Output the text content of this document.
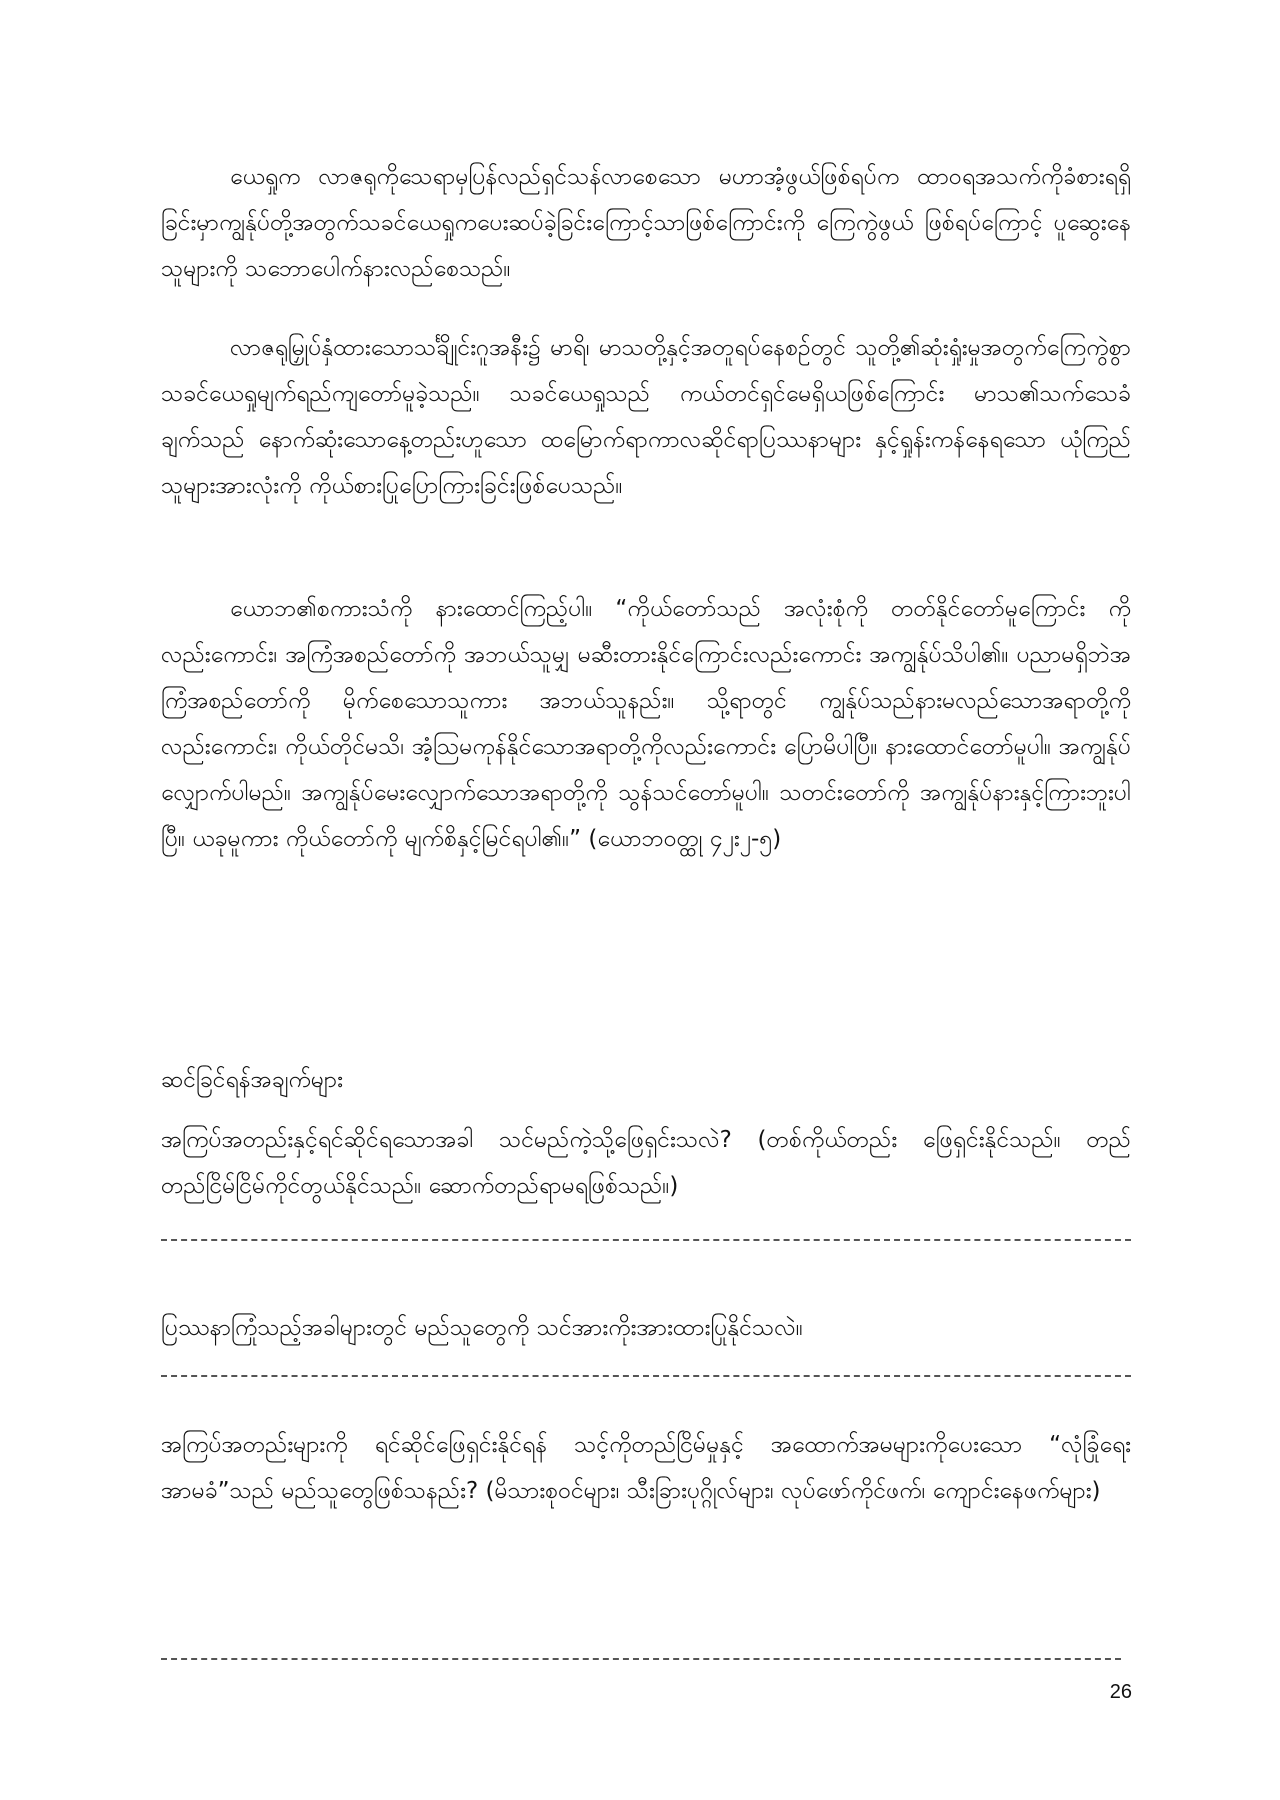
ယေရှုက လာဇရုကိုသေရာမှပြန်လည်ရှင်သန်လာစေသော မဟာအံ့ဖွယ်ဖြစ်ရပ်က ထာဝရအသက်ကိုခံစားရရှိခြင်းမှာကျွန်ုပ်တို့အတွက်သခင်ယေရှုကပေးဆပ်ခဲ့ခြင်းကြောင့်သာဖြစ်ကြောင်းကို ကြေကွဲဖွယ် ဖြစ်ရပ်ကြောင့် ပူဆွေးနေသူများကို သဘောပေါက်နားလည်စေသည်။

လာဇရုမြှုပ်နှံထားသောသင်္ချိုင်းဂူအနီး၌ မာရိ၊ မာသတို့နှင့်အတူရပ်နေစဉ်တွင် သူတို့၏ဆုံးရှုံးမှုအတွက်ကြေကွဲစွာသခင်ယေရှုမျက်ရည်ကျတော်မူခဲ့သည်။ သခင်ယေရှုသည် ကယ်တင်ရှင်မေရှိယဖြစ်ကြောင်း မာသ၏သက်သေခံချက်သည် နောက်ဆုံးသောနေ့တည်းဟူသော ထမြောက်ရာကာလဆိုင်ရာပြဿနာများ နှင့်ရှုန်းကန်နေရသော ယုံကြည်သူများအားလုံးကို ကိုယ်စားပြုပြောကြားခြင်းဖြစ်ပေသည်။

ယောဘ၏စကားသံကို နားထောင်ကြည့်ပါ။ “ကိုယ်တော်သည် အလုံးစုံကို တတ်နိုင်တော်မူကြောင်း ကိုလည်းကောင်း၊ အကြံအစည်တော်ကို အဘယ်သူမျှ မဆီးတားနိုင်ကြောင်းလည်းကောင်း အကျွန်ုပ်သိပါ၏။ ပညာမရှိဘဲအကြံအစည်တော်ကို မိုက်စေသောသူကား အဘယ်သူနည်း။ သို့ရာတွင် ကျွန်ုပ်သည်နားမလည်သောအရာတို့ကိုလည်းကောင်း၊ ကိုယ်တိုင်မသိ၊ အံ့သြမကုန်နိုင်သောအရာတို့ကိုလည်းကောင်း ပြောမိပါပြီ။ နားထောင်တော်မူပါ။ အကျွန်ုပ်လျှောက်ပါမည်။ အကျွန်ုပ်မေးလျှောက်သောအရာတို့ကို သွန်သင်တော်မူပါ။ သတင်းတော်ကို အကျွန်ုပ်နားနှင့်ကြားဘူးပါပြီ။ ယခုမူကား ကိုယ်တော်ကို မျက်စိနှင့်မြင်ရပါ၏။” (ယောဘဝတ္ထု ၄၂း၂-၅)

ဆင်ခြင်ရန်အချက်များ

အကြပ်အတည်းနှင့်ရင်ဆိုင်ရသောအခါ သင်မည်ကဲ့သို့ဖြေရှင်းသလဲ? (တစ်ကိုယ်တည်း ဖြေရှင်းနိုင်သည်။ တည်တည်ငြိမ်ငြိမ်ကိုင်တွယ်နိုင်သည်။ ဆောက်တည်ရာမရဖြစ်သည်။)

ပြဿနာကြုံသည့်အခါများတွင် မည်သူတွေကို သင်အားကိုးအားထားပြုနိုင်သလဲ။

အကြပ်အတည်းများကို ရင်ဆိုင်ဖြေရှင်းနိုင်ရန် သင့်ကိုတည်ငြိမ်မှုနှင့် အထောက်အမများကိုပေးသော “လုံခြုံရေးအာမခံ”သည် မည်သူတွေဖြစ်သနည်း? (မိသားစုဝင်များ၊ သီးခြားပုဂ္ဂိုလ်များ၊ လုပ်ဖော်ကိုင်ဖက်၊ ကျောင်းနေဖက်များ)

26
